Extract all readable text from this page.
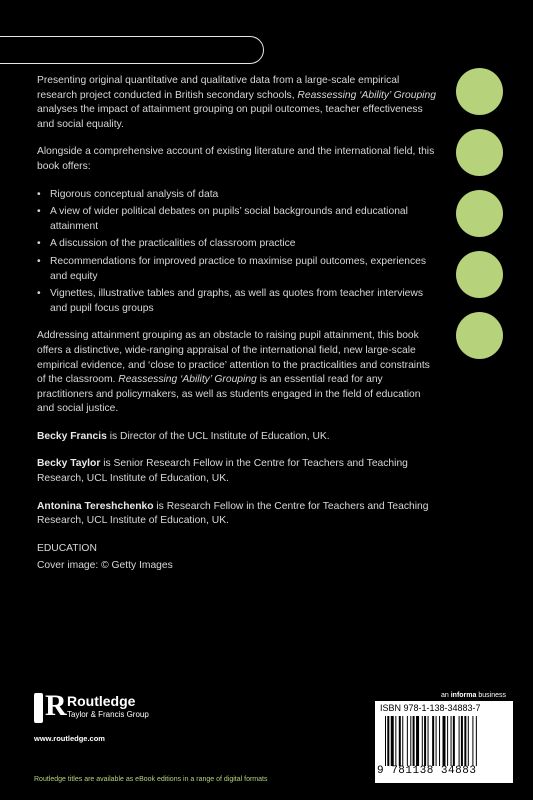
Presenting original quantitative and qualitative data from a large-scale empirical research project conducted in British secondary schools, Reassessing ‘Ability’ Grouping analyses the impact of attainment grouping on pupil outcomes, teacher effectiveness and social equality.

Alongside a comprehensive account of existing literature and the international field, this book offers:

• Rigorous conceptual analysis of data
• A view of wider political debates on pupils’ social backgrounds and educational attainment
• A discussion of the practicalities of classroom practice
• Recommendations for improved practice to maximise pupil outcomes, experiences and equity
• Vignettes, illustrative tables and graphs, as well as quotes from teacher interviews and pupil focus groups

Addressing attainment grouping as an obstacle to raising pupil attainment, this book offers a distinctive, wide-ranging appraisal of the international field, new large-scale empirical evidence, and ‘close to practice’ attention to the practicalities and constraints of the classroom. Reassessing ‘Ability’ Grouping is an essential read for any practitioners and policymakers, as well as students engaged in the field of education and social justice.

Becky Francis is Director of the UCL Institute of Education, UK.

Becky Taylor is Senior Research Fellow in the Centre for Teachers and Teaching Research, UCL Institute of Education, UK.

Antonina Tereshchenko is Research Fellow in the Centre for Teachers and Teaching Research, UCL Institute of Education, UK.

EDUCATION
Cover image: © Getty Images
R Routledge
Taylor & Francis Group
www.routledge.com
Routledge titles are available as eBook editions in a range of digital formats
an informa business
ISBN 978-1-138-34883-7
9 781138 34883
